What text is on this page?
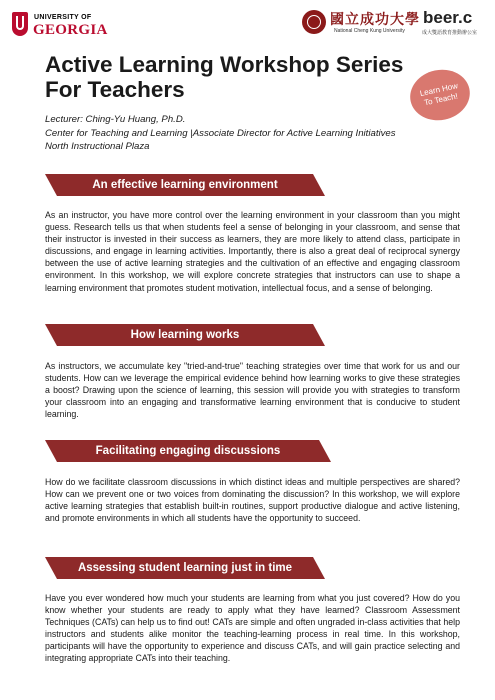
UNIVERSITY OF
GEORGIA
國立成功大學
National Cheng Kung University
beer.c
成大雙語教育推動辦公室
Active Learning Workshop Series
For Teachers	Learn How To Teach!
Lecturer: Ching-Yu Huang, Ph.D.
Center for Teaching and Learning |Associate Director for Active Learning Initiatives
North Instructional Plaza
An effective learning environment

As an instructor, you have more control over the learning environment in your classroom than you might guess. Research tells us that when students feel a sense of belonging in your classroom, and sense that their instructor is invested in their success as learners, they are more likely to attend class, participate in discussions, and engage in learning activities. Importantly, there is also a great deal of reciprocal synergy between the use of active learning strategies and the cultivation of an effective and engaging classroom environment. In this workshop, we will explore concrete strategies that instructors can use to shape a learning environment that promotes student motivation, intellectual focus, and a sense of belonging.

How learning works

As instructors, we accumulate key "tried-and-true" teaching strategies over time that work for us and our students. How can we leverage the empirical evidence behind how learning works to give these strategies a boost? Drawing upon the science of learning, this session will provide you with strategies to transform your classroom into an engaging and transformative learning environment that is conducive to student learning.

Facilitating engaging discussions

How do we facilitate classroom discussions in which distinct ideas and multiple perspectives are shared? How can we prevent one or two voices from dominating the discussion? In this workshop, we will explore active learning strategies that establish built-in routines, support productive dialogue and active listening, and promote environments in which all students have the opportunity to succeed.

Assessing student learning just in time

Have you ever wondered how much your students are learning from what you just covered? How do you know whether your students are ready to apply what they have learned? Classroom Assessment Techniques (CATs) can help us to find out! CATs are simple and often ungraded in-class activities that help instructors and students alike monitor the teaching-learning process in real time. In this workshop, participants will have the opportunity to experience and discuss CATs, and will gain practice selecting and integrating appropriate CATs into their teaching.
